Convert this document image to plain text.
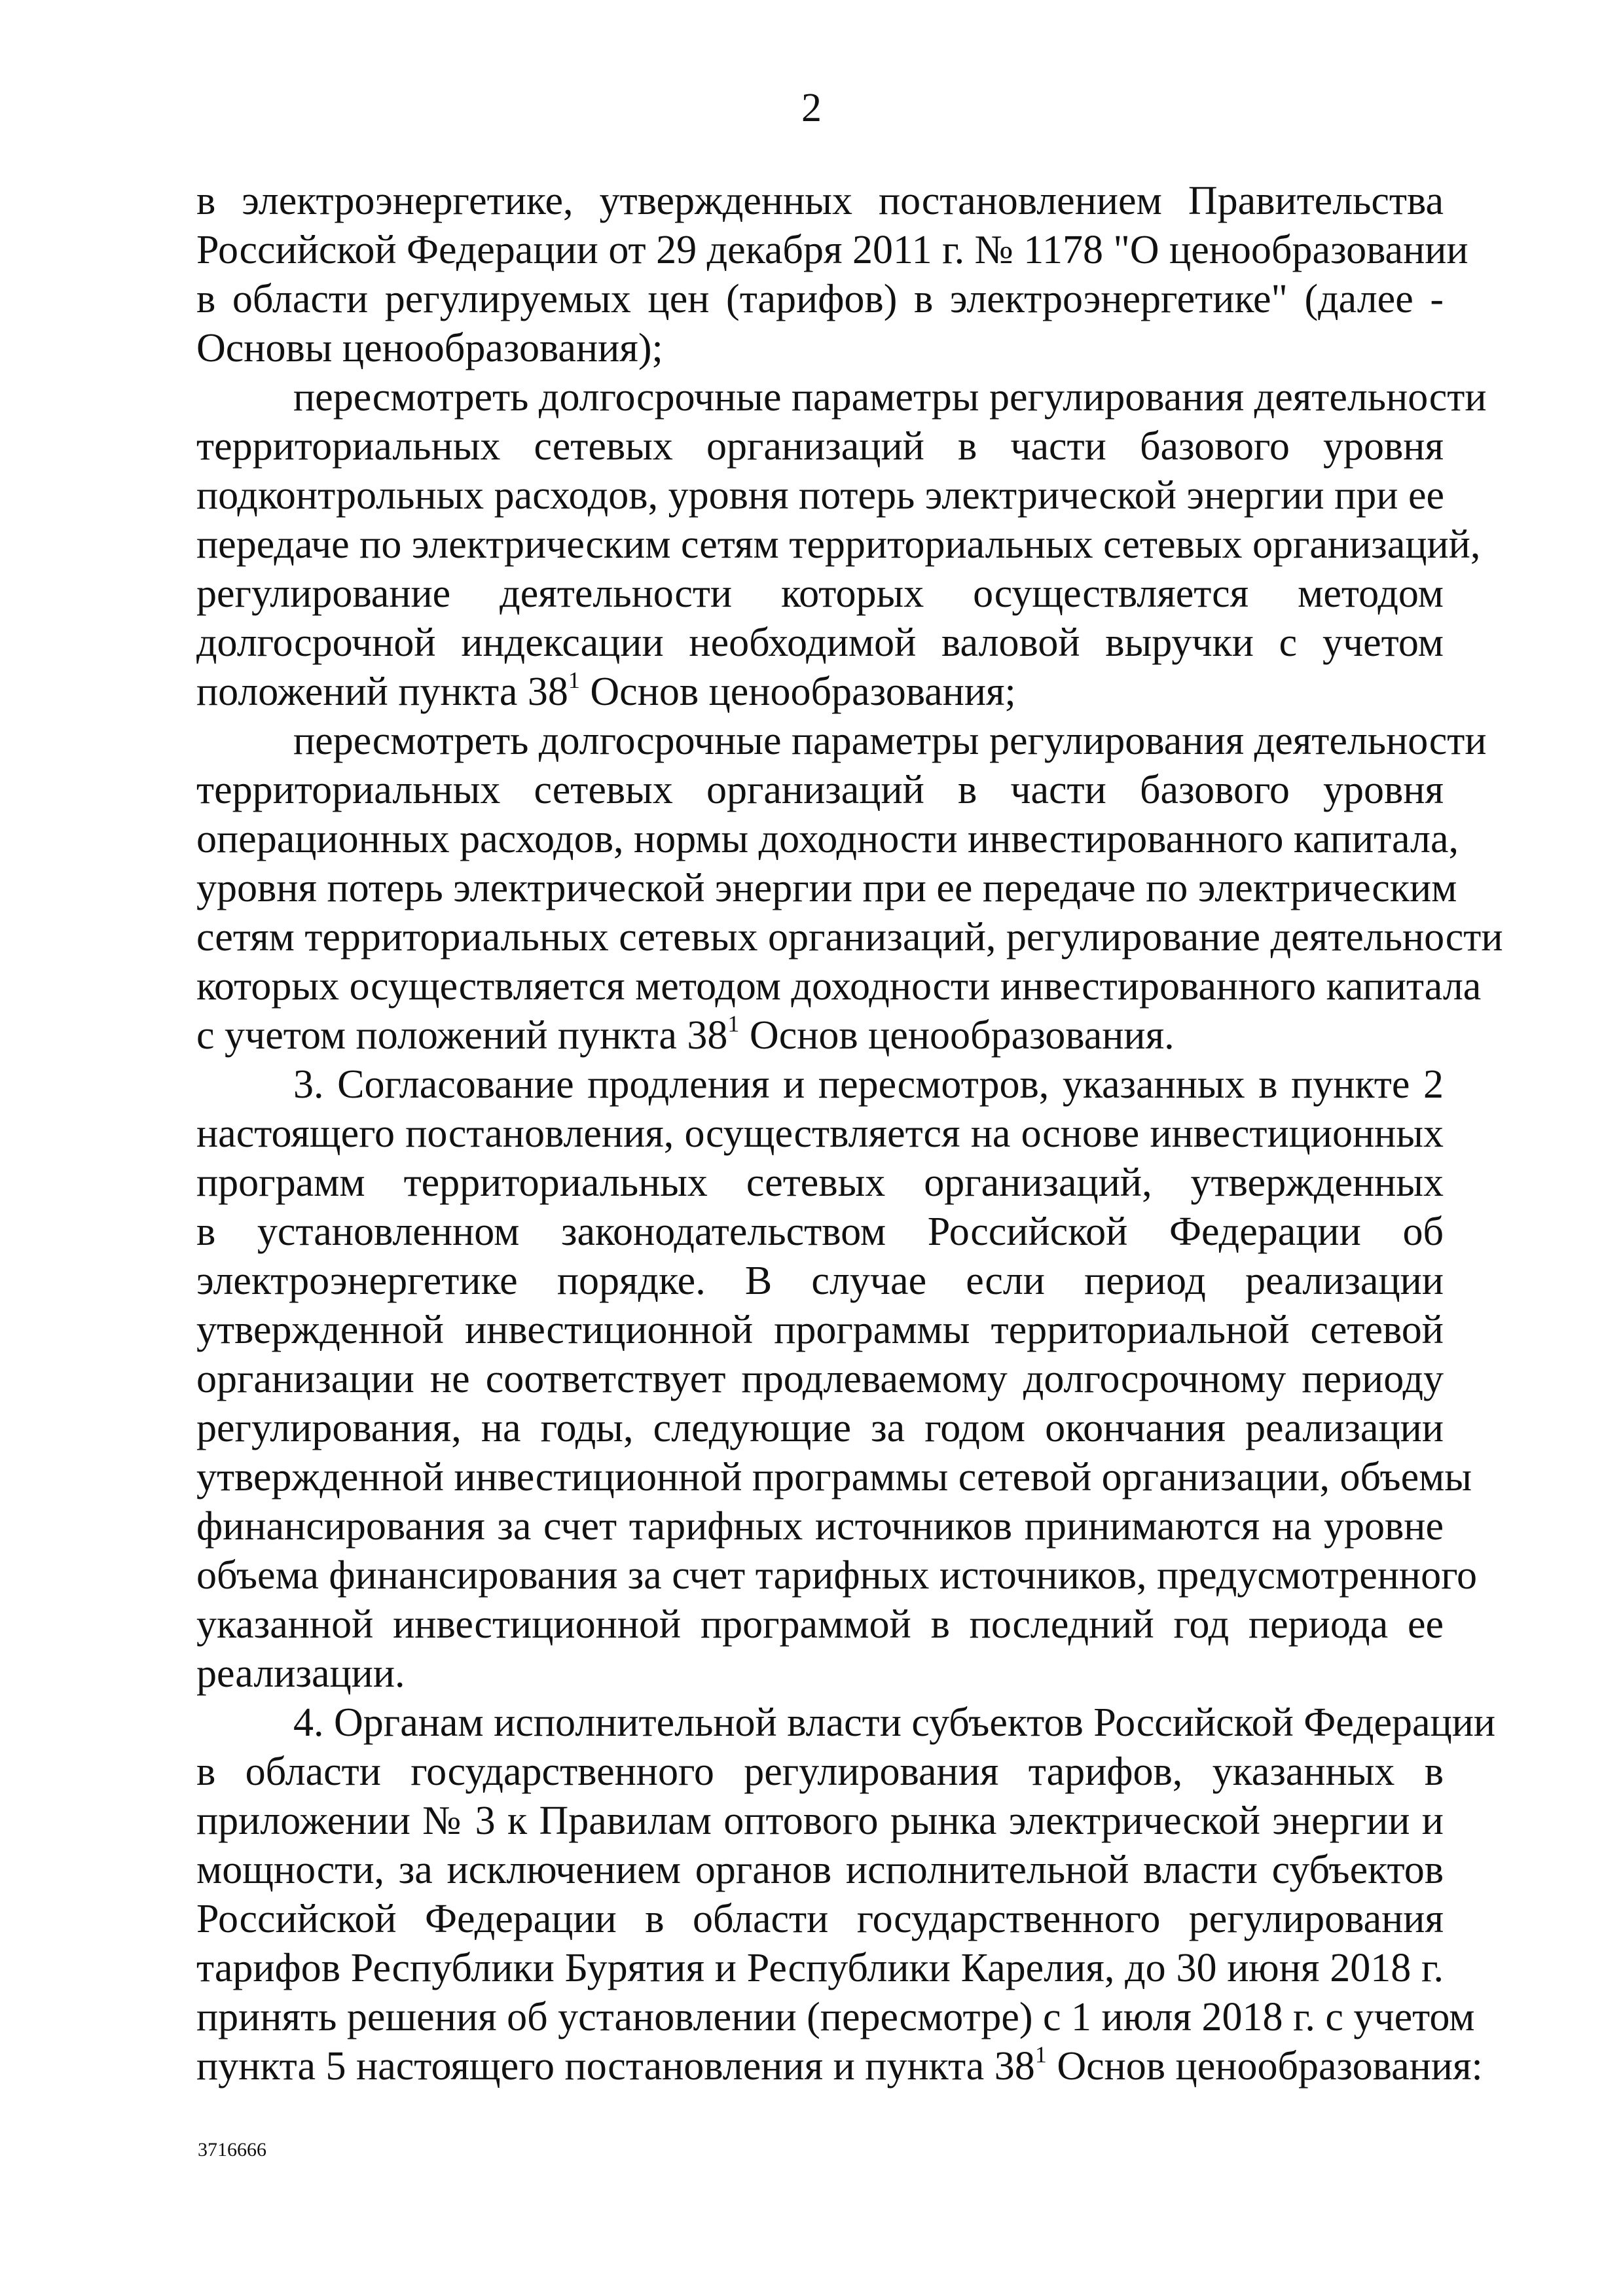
2
в электроэнергетике, утвержденных постановлением Правительства
Российской Федерации от 29 декабря 2011 г. № 1178 "О ценообразовании
в области регулируемых цен (тарифов) в электроэнергетике" (далее -
Основы ценообразования);
пересмотреть долгосрочные параметры регулирования деятельности
территориальных сетевых организаций в части базового уровня
подконтрольных расходов, уровня потерь электрической энергии при ее
передаче по электрическим сетям территориальных сетевых организаций,
регулирование деятельности которых осуществляется методом
долгосрочной индексации необходимой валовой выручки с учетом
положений пункта $38^1$ Основ ценообразования;
пересмотреть долгосрочные параметры регулирования деятельности
территориальных сетевых организаций в части базового уровня
операционных расходов, нормы доходности инвестированного капитала,
уровня потерь электрической энергии при ее передаче по электрическим
сетям территориальных сетевых организаций, регулирование деятельности
которых осуществляется методом доходности инвестированного капитала
с учетом положений пункта $38^1$ Основ ценообразования.
3. Согласование продления и пересмотров, указанных в пункте 2
настоящего постановления, осуществляется на основе инвестиционных
программ территориальных сетевых организаций, утвержденных
в установленном законодательством Российской Федерации об
электроэнергетике порядке. В случае если период реализации
утвержденной инвестиционной программы территориальной сетевой
организации не соответствует продлеваемому долгосрочному периоду
регулирования, на годы, следующие за годом окончания реализации
утвержденной инвестиционной программы сетевой организации, объемы
финансирования за счет тарифных источников принимаются на уровне
объема финансирования за счет тарифных источников, предусмотренного
указанной инвестиционной программой в последний год периода ее
реализации.
4. Органам исполнительной власти субъектов Российской Федерации
в области государственного регулирования тарифов, указанных в
приложении № 3 к Правилам оптового рынка электрической энергии и
мощности, за исключением органов исполнительной власти субъектов
Российской Федерации в области государственного регулирования
тарифов Республики Бурятия и Республики Карелия, до 30 июня 2018 г.
принять решения об установлении (пересмотре) с 1 июля 2018 г. с учетом
пункта 5 настоящего постановления и пункта $38^1$ Основ ценообразования:
3716666
